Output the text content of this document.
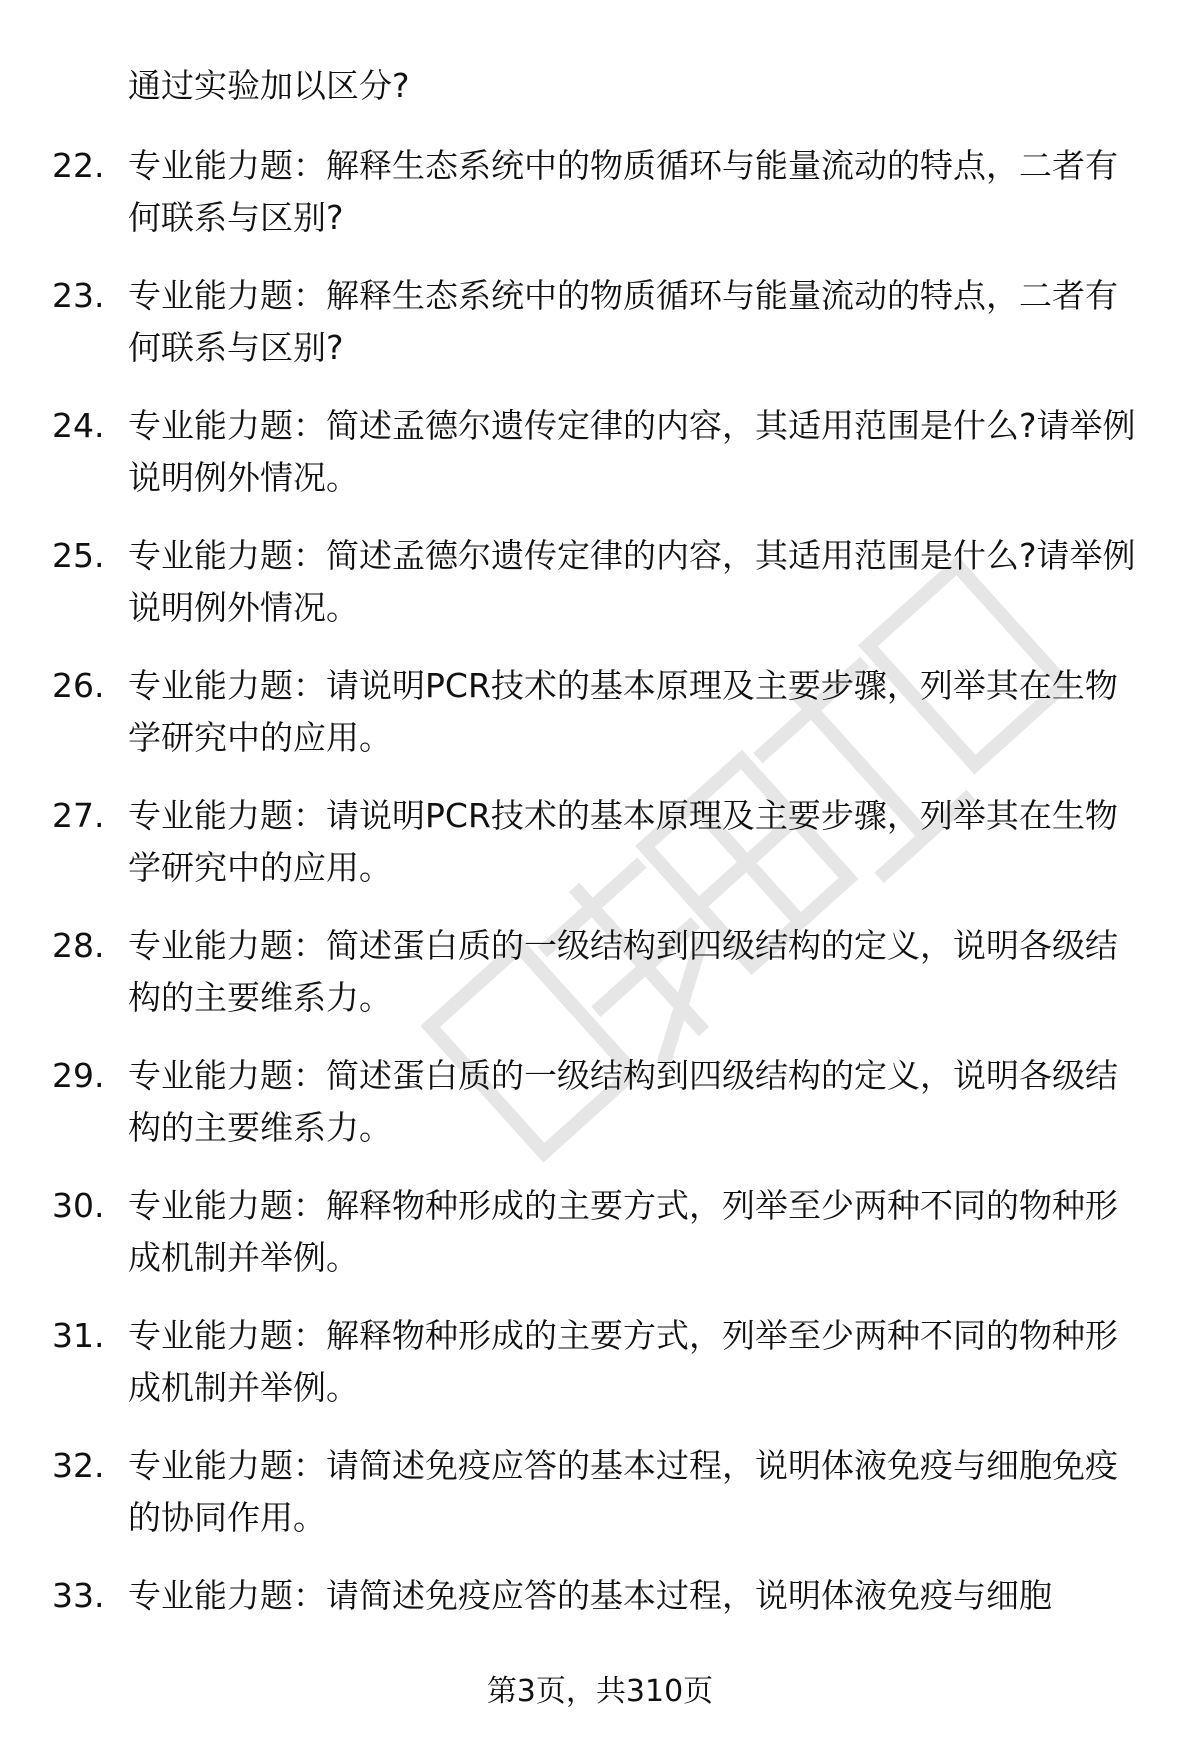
通过实验加以区分?
22. 专业能力题：解释生态系统中的物质循环与能量流动的特点，二者有何联系与区别?
23. 专业能力题：解释生态系统中的物质循环与能量流动的特点，二者有何联系与区别?
24. 专业能力题：简述孟德尔遗传定律的内容，其适用范围是什么?请举例说明例外情况。
25. 专业能力题：简述孟德尔遗传定律的内容，其适用范围是什么?请举例说明例外情况。
26. 专业能力题：请说明PCR技术的基本原理及主要步骤，列举其在生物学研究中的应用。
27. 专业能力题：请说明PCR技术的基本原理及主要步骤，列举其在生物学研究中的应用。
28. 专业能力题：简述蛋白质的一级结构到四级结构的定义，说明各级结构的主要维系力。
29. 专业能力题：简述蛋白质的一级结构到四级结构的定义，说明各级结构的主要维系力。
30. 专业能力题：解释物种形成的主要方式，列举至少两种不同的物种形成机制并举例。
31. 专业能力题：解释物种形成的主要方式，列举至少两种不同的物种形成机制并举例。
32. 专业能力题：请简述免疫应答的基本过程，说明体液免疫与细胞免疫的协同作用。
33. 专业能力题：请简述免疫应答的基本过程，说明体液免疫与细胞
第3页，共310页
